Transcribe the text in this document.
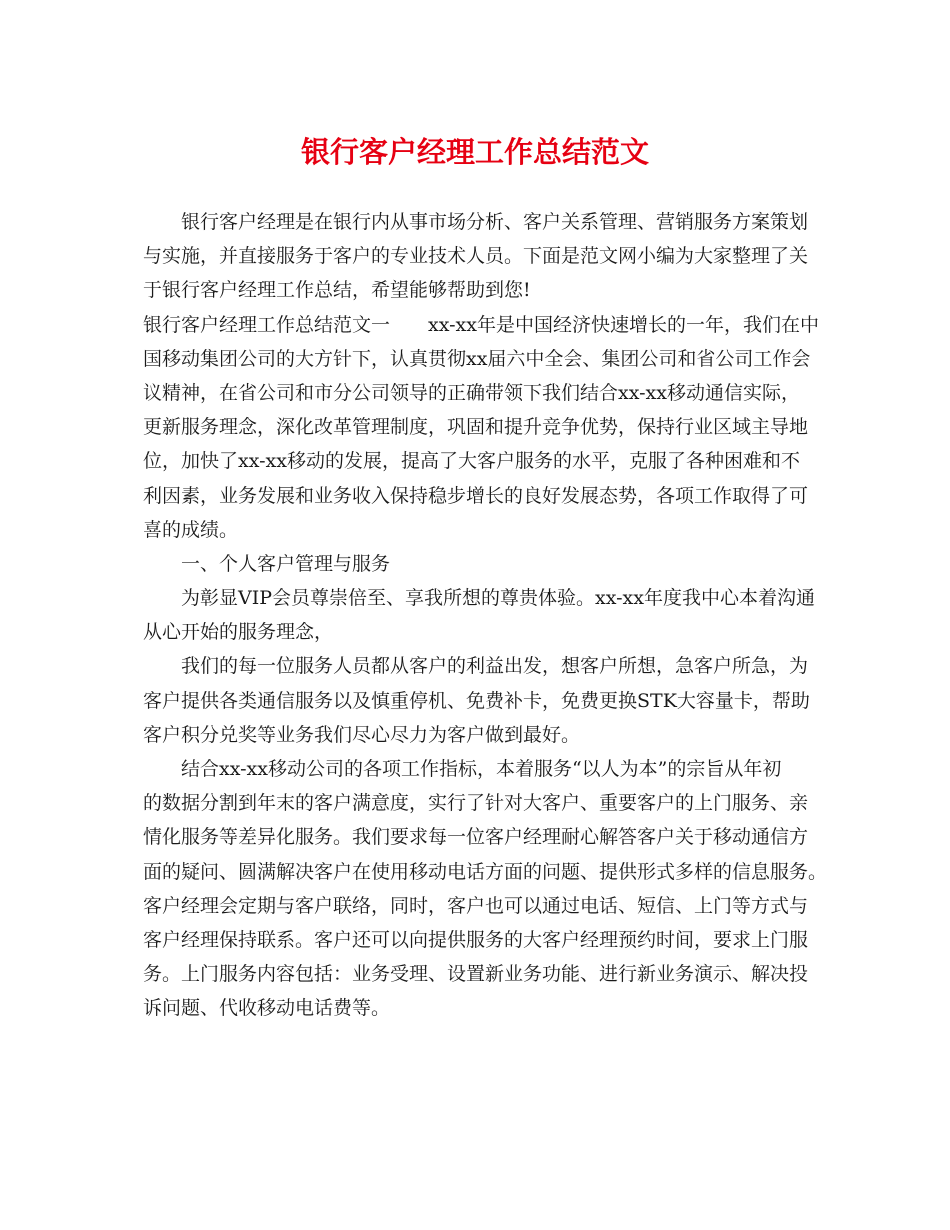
银行客户经理工作总结范文
银行客户经理是在银行内从事市场分析、客户关系管理、营销服务方案策划
与实施，并直接服务于客户的专业技术人员。下面是范文网小编为大家整理了关
于银行客户经理工作总结，希望能够帮助到您!
银行客户经理工作总结范文一　　xx-xx年是中国经济快速增长的一年，我们在中
国移动集团公司的大方针下，认真贯彻xx届六中全会、集团公司和省公司工作会
议精神，在省公司和市分公司领导的正确带领下我们结合xx-xx移动通信实际，
更新服务理念，深化改革管理制度，巩固和提升竞争优势，保持行业区域主导地
位，加快了xx-xx移动的发展，提高了大客户服务的水平，克服了各种困难和不
利因素，业务发展和业务收入保持稳步增长的良好发展态势，各项工作取得了可
喜的成绩。
一、个人客户管理与服务
为彰显VIP会员尊崇倍至、享我所想的尊贵体验。xx-xx年度我中心本着沟通
从心开始的服务理念，
我们的每一位服务人员都从客户的利益出发，想客户所想，急客户所急，为
客户提供各类通信服务以及慎重停机、免费补卡，免费更换STK大容量卡，帮助
客户积分兑奖等业务我们尽心尽力为客户做到最好。
结合xx-xx移动公司的各项工作指标，本着服务“以人为本”的宗旨从年初
的数据分割到年末的客户满意度，实行了针对大客户、重要客户的上门服务、亲
情化服务等差异化服务。我们要求每一位客户经理耐心解答客户关于移动通信方
面的疑问、圆满解决客户在使用移动电话方面的问题、提供形式多样的信息服务。
客户经理会定期与客户联络，同时，客户也可以通过电话、短信、上门等方式与
客户经理保持联系。客户还可以向提供服务的大客户经理预约时间，要求上门服
务。上门服务内容包括：业务受理、设置新业务功能、进行新业务演示、解决投
诉问题、代收移动电话费等。
